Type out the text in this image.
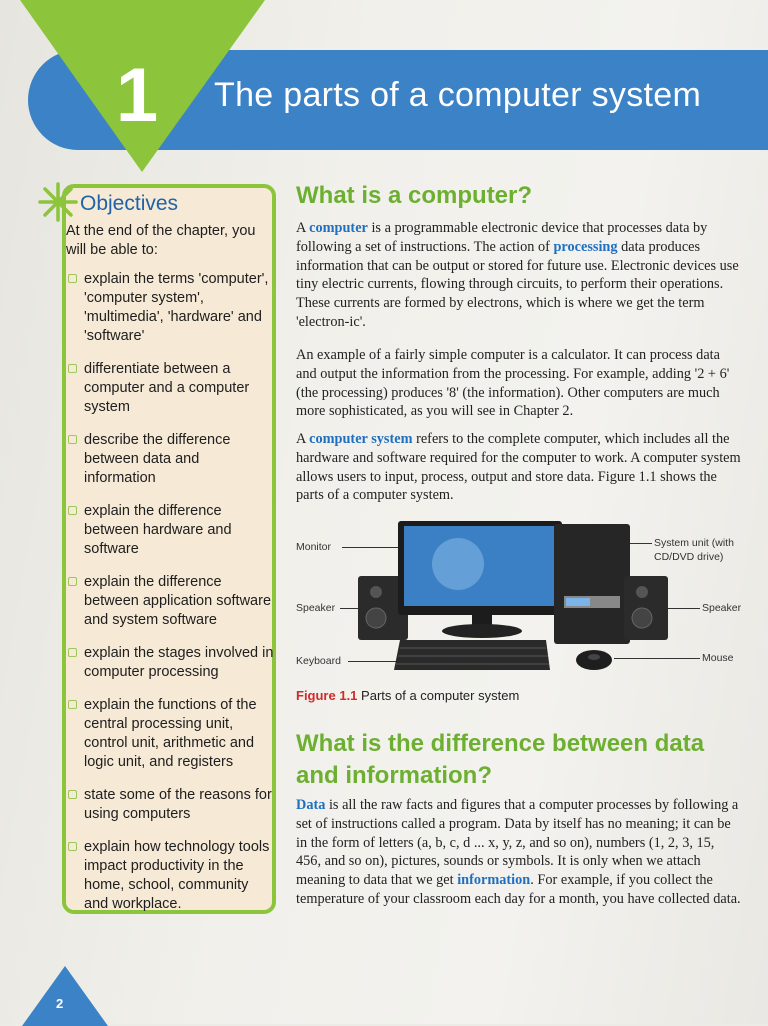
1 The parts of a computer system
Objectives
At the end of the chapter, you will be able to:
explain the terms 'computer', 'computer system', 'multimedia', 'hardware' and 'software'
differentiate between a computer and a computer system
describe the difference between data and information
explain the difference between hardware and software
explain the difference between application software and system software
explain the stages involved in computer processing
explain the functions of the central processing unit, control unit, arithmetic and logic unit, and registers
state some of the reasons for using computers
explain how technology tools impact productivity in the home, school, community and workplace.
What is a computer?

A computer is a programmable electronic device that processes data by following a set of instructions. The action of processing data produces information that can be output or stored for future use. Electronic devices use tiny electric currents, flowing through circuits, to perform their operations. These currents are formed by electrons, which is where we get the term 'electron-ic'.

An example of a fairly simple computer is a calculator. It can process data and output the information from the processing. For example, adding '2 + 6' (the processing) produces '8' (the information). Other computers are much more sophisticated, as you will see in Chapter 2.

A computer system refers to the complete computer, which includes all the hardware and software required for the computer to work. A computer system allows users to input, process, output and store data. Figure 1.1 shows the parts of a computer system.

Monitor
Speaker
Keyboard
System unit (with CD/DVD drive)
Speaker
Mouse
Figure 1.1 Parts of a computer system
What is the difference between data and information?

Data is all the raw facts and figures that a computer processes by following a set of instructions called a program. Data by itself has no meaning; it can be in the form of letters (a, b, c, d ... x, y, z, and so on), numbers (1, 2, 3, 15, 456, and so on), pictures, sounds or symbols. It is only when we attach meaning to data that we get information. For example, if you collect the temperature of your classroom each day for a month, you have collected data.

2
